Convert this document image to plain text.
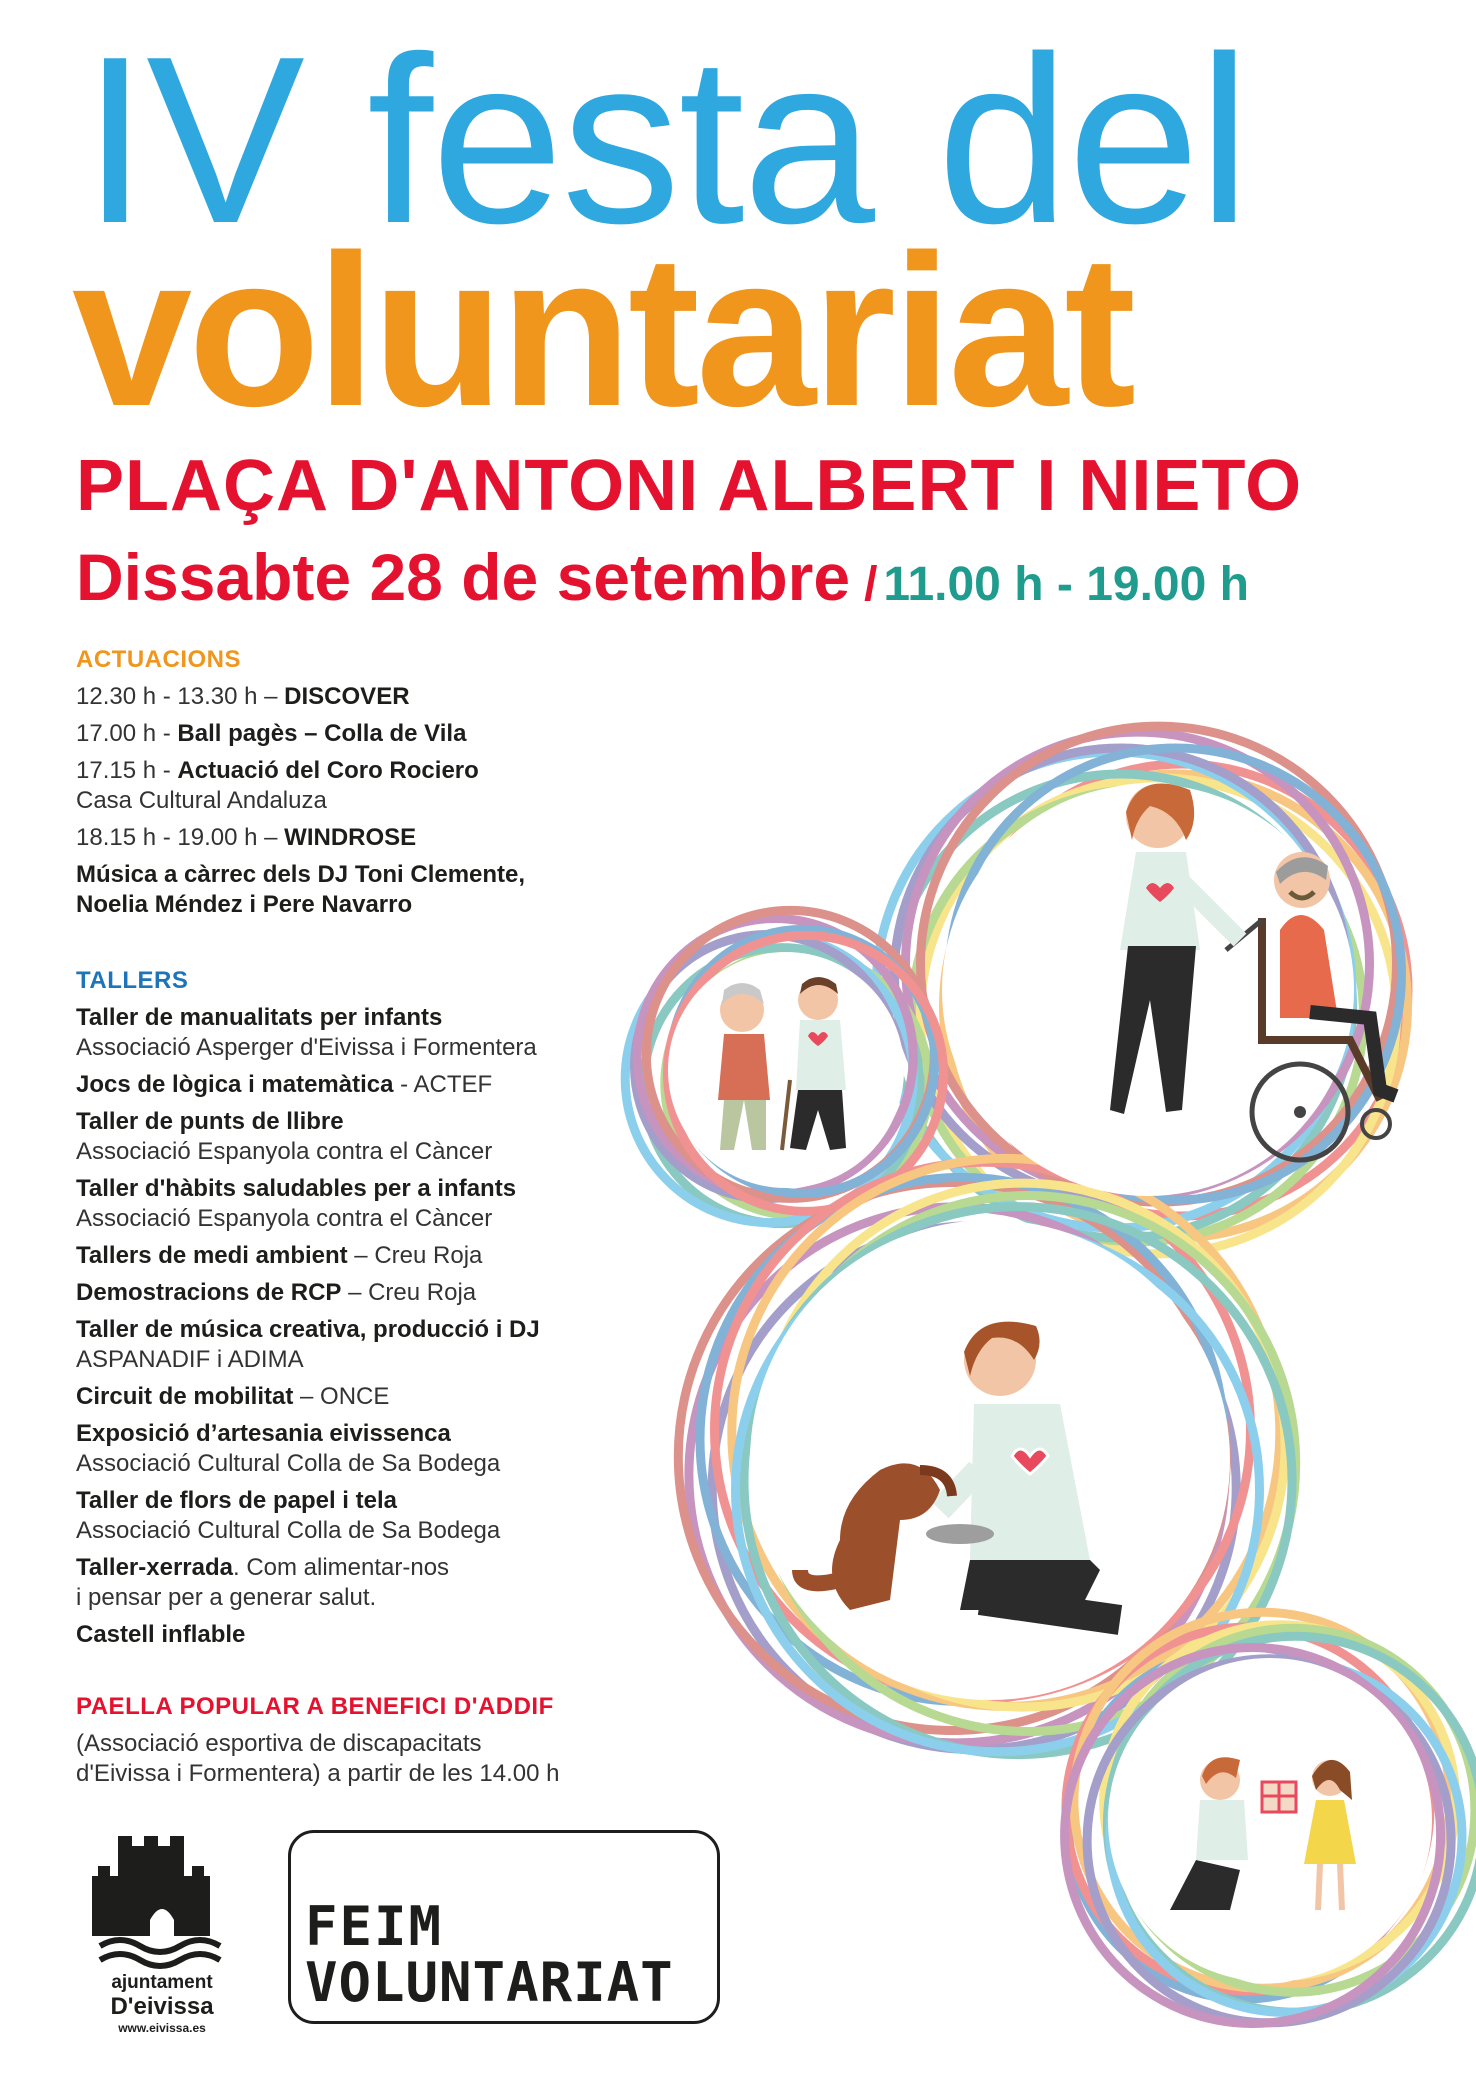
IV festa del
voluntariat
PLAÇA D'ANTONI ALBERT I NIETO
Dissabte 28 de setembre / 11.00 h - 19.00 h
ACTUACIONS
12.30 h - 13.30 h – DISCOVER
17.00 h - Ball pagès – Colla de Vila
17.15 h - Actuació del Coro Rociero
Casa Cultural Andaluza
18.15 h - 19.00 h – WINDROSE
Música a càrrec dels DJ Toni Clemente,
Noelia Méndez i Pere Navarro
TALLERS
Taller de manualitats per infants
Associació Asperger d'Eivissa i Formentera
Jocs de lògica i matemàtica - ACTEF
Taller de punts de llibre
Associació Espanyola contra el Càncer
Taller d'hàbits saludables per a infants
Associació Espanyola contra el Càncer
Tallers de medi ambient – Creu Roja
Demostracions de RCP – Creu Roja
Taller de música creativa, producció i DJ
ASPANADIF i ADIMA
Circuit de mobilitat – ONCE
Exposició d’artesania eivissenca
Associació Cultural Colla de Sa Bodega
Taller de flors de papel i tela
Associació Cultural Colla de Sa Bodega
Taller-xerrada. Com alimentar-nos
i pensar per a generar salut.
Castell inflable
PAELLA POPULAR A BENEFICI D'ADDIF
(Associació esportiva de discapacitats
d'Eivissa i Formentera) a partir de les 14.00 h
ajuntament
D'eivissa
www.eivissa.es
FEIM
VOLUNTARIAT
